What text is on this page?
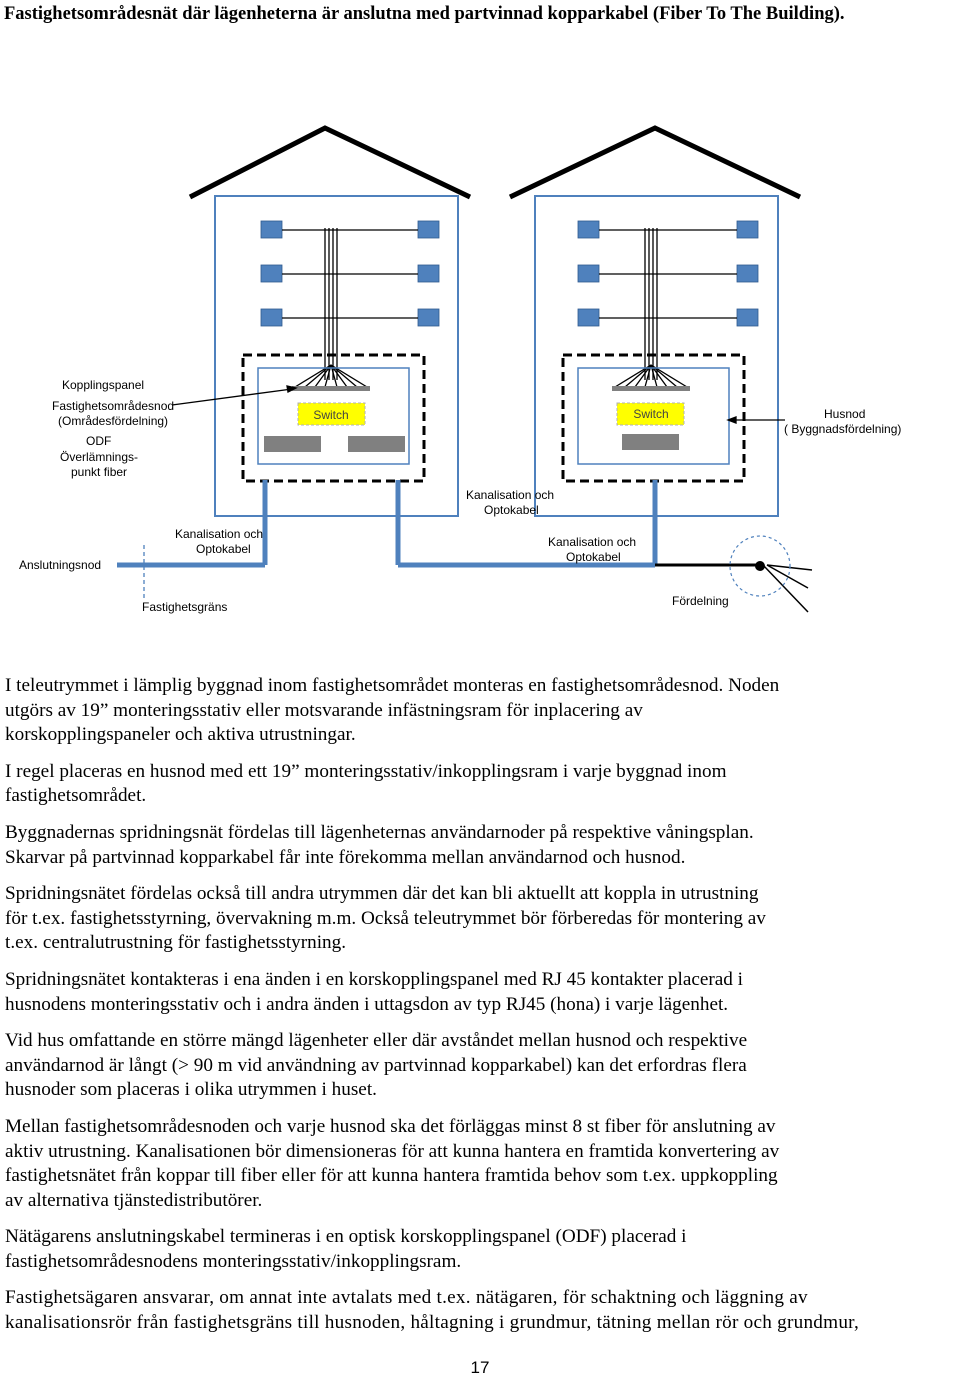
Fastighetsområdesnät där lägenheterna är anslutna med partvinnad kopparkabel (Fiber To The Building).
Switch	Switch
Kopplingspanel
Fastighetsområdesnod
(Områdesfördelning)
ODF
Överlämnings-
punkt fiber
Anslutningsnod
Kanalisation och
Optokabel
Kanalisation och
Optokabel
Kanalisation och
Optokabel
Fastighetsgräns
Husnod
( Byggnadsfördelning)
Fördelning

I teleutrymmet i lämplig byggnad inom fastighetsområdet monteras en fastighetsområdesnod. Noden
utgörs av 19” monteringsstativ eller motsvarande infästningsram för inplacering av
korskopplingspaneler och aktiva utrustningar.

I regel placeras en husnod med ett 19” monteringsstativ/inkopplingsram i varje byggnad inom
fastighetsområdet.

Byggnadernas spridningsnät fördelas till lägenheternas användarnoder på respektive våningsplan.
Skarvar på partvinnad kopparkabel får inte förekomma mellan användarnod och husnod.

Spridningsnätet fördelas också till andra utrymmen där det kan bli aktuellt att koppla in utrustning
för t.ex. fastighetsstyrning, övervakning m.m. Också teleutrymmet bör förberedas för montering av
t.ex. centralutrustning för fastighetsstyrning.

Spridningsnätet kontakteras i ena änden i en korskopplingspanel med RJ 45 kontakter placerad i
husnodens monteringsstativ och i andra änden i uttagsdon av typ RJ45 (hona) i varje lägenhet.

Vid hus omfattande en större mängd lägenheter eller där avståndet mellan husnod och respektive
användarnod är långt (> 90 m vid användning av partvinnad kopparkabel) kan det erfordras flera
husnoder som placeras i olika utrymmen i huset.

Mellan fastighetsområdesnoden och varje husnod ska det förläggas minst 8 st fiber för anslutning av
aktiv utrustning. Kanalisationen bör dimensioneras för att kunna hantera en framtida konvertering av
fastighetsnätet från koppar till fiber eller för att kunna hantera framtida behov som t.ex. uppkoppling
av alternativa tjänstedistributörer.

Nätägarens anslutningskabel termineras i en optisk korskopplingspanel (ODF) placerad i
fastighetsområdesnodens monteringsstativ/inkopplingsram.

Fastighetsägaren ansvarar, om annat inte avtalats med t.ex. nätägaren, för schaktning och läggning av
kanalisationsrör från fastighetsgräns till husnoden, håltagning i grundmur, tätning mellan rör och grundmur,

17
